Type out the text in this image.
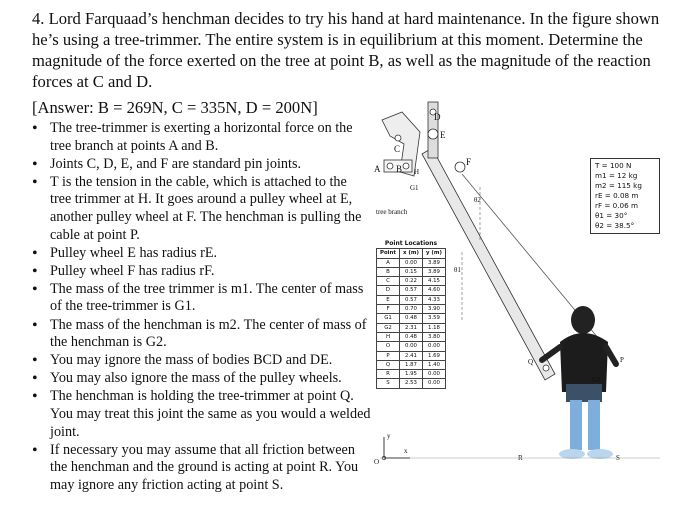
4. Lord Farquaad’s henchman decides to try his hand at hard maintenance. In the figure shown he’s using a tree-trimmer. The entire system is in equilibrium at this moment. Determine the magnitude of the force exerted on the tree at point B, as well as the magnitude of the reaction forces at C and D.

[Answer: B = 269N, C = 335N, D = 200N]
• The tree-trimmer is exerting a horizontal force on the tree branch at points A and B.
• Joints C, D, E, and F are standard pin joints.
• T is the tension in the cable, which is attached to the tree trimmer at H. It goes around a pulley wheel at E, another pulley wheel at F. The henchman is pulling the cable at point P.
• Pulley wheel E has radius rE.
• Pulley wheel F has radius rF.
• The mass of the tree trimmer is m1. The center of mass of the tree-trimmer is G1.
• The mass of the henchman is m2. The center of mass of the henchman is G2.
• You may ignore the mass of bodies BCD and DE.
• You may also ignore the mass of the pulley wheels.
• The henchman is holding the tree-trimmer at point Q. You may treat this joint the same as you would a welded joint.
• If necessary you may assume that all friction between the henchman and the ground is acting at point R. You may ignore any friction acting at point S.
D
E
F
C
A B H
G1
tree branch
θ2
θ1
P
Q
G2
R	S
y
x
O
T = 100 N
m1 = 12 kg
m2 = 115 kg
rE = 0.08 m
rF = 0.06 m
θ1 = 30°
θ2 = 38.5°
Point Locations
Point	x (m)	y (m)
A	0.00	3.89
B	0.15	3.89
C	0.22	4.15
D	0.57	4.60
E	0.57	4.33
F	0.70	3.90
G1	0.48	3.59
G2	2.31	1.18
H	0.48	3.80
O	0.00	0.00
P	2.41	1.69
Q	1.87	1.40
R	1.95	0.00
S	2.53	0.00
